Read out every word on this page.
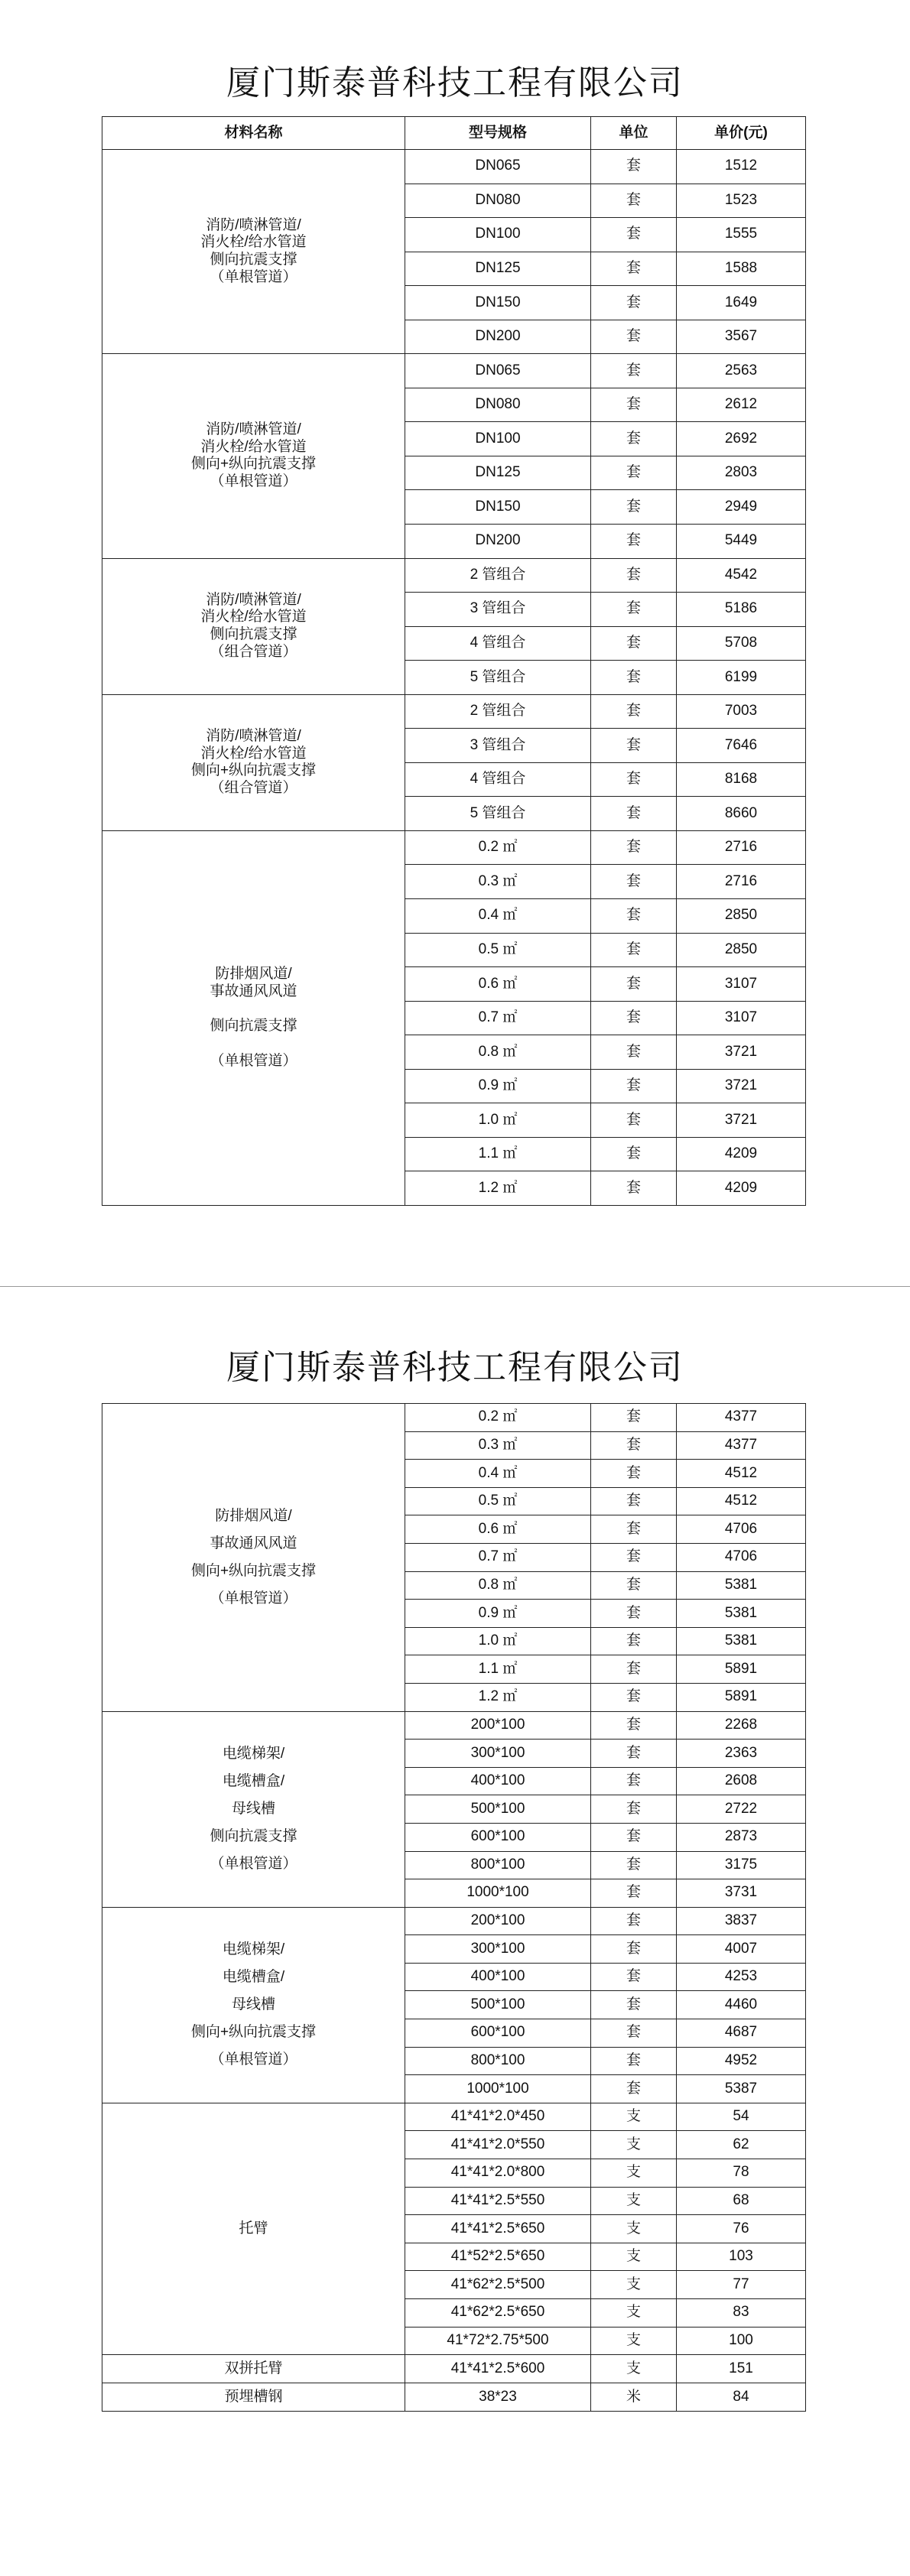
厦门斯泰普科技工程有限公司
材料名称	型号规格	单位	单价(元)
消防/喷淋管道/
消火栓/给水管道
侧向抗震支撑
（单根管道）	DN065	套	1512
	DN080	套	1523
	DN100	套	1555
	DN125	套	1588
	DN150	套	1649
	DN200	套	3567
消防/喷淋管道/
消火栓/给水管道
侧向+纵向抗震支撑
（单根管道）	DN065	套	2563
	DN080	套	2612
	DN100	套	2692
	DN125	套	2803
	DN150	套	2949
	DN200	套	5449
消防/喷淋管道/
消火栓/给水管道
侧向抗震支撑
（组合管道）	2 管组合	套	4542
	3 管组合	套	5186
	4 管组合	套	5708
	5 管组合	套	6199
消防/喷淋管道/
消火栓/给水管道
侧向+纵向抗震支撑
（组合管道）	2 管组合	套	7003
	3 管组合	套	7646
	4 管组合	套	8168
	5 管组合	套	8660
防排烟风道/
事故通风风道

侧向抗震支撑

（单根管道）	0.2 ㎡	套	2716
	0.3 ㎡	套	2716
	0.4 ㎡	套	2850
	0.5 ㎡	套	2850
	0.6 ㎡	套	3107
	0.7 ㎡	套	3107
	0.8 ㎡	套	3721
	0.9 ㎡	套	3721
	1.0 ㎡	套	3721
	1.1 ㎡	套	4209
	1.2 ㎡	套	4209
厦门斯泰普科技工程有限公司
防排烟风道/
事故通风风道
侧向+纵向抗震支撑
（单根管道）	0.2 ㎡	套	4377
	0.3 ㎡	套	4377
	0.4 ㎡	套	4512
	0.5 ㎡	套	4512
	0.6 ㎡	套	4706
	0.7 ㎡	套	4706
	0.8 ㎡	套	5381
	0.9 ㎡	套	5381
	1.0 ㎡	套	5381
	1.1 ㎡	套	5891
	1.2 ㎡	套	5891
电缆梯架/
电缆槽盒/
母线槽
侧向抗震支撑
（单根管道）	200*100	套	2268
	300*100	套	2363
	400*100	套	2608
	500*100	套	2722
	600*100	套	2873
	800*100	套	3175
	1000*100	套	3731
电缆梯架/
电缆槽盒/
母线槽
侧向+纵向抗震支撑
（单根管道）	200*100	套	3837
	300*100	套	4007
	400*100	套	4253
	500*100	套	4460
	600*100	套	4687
	800*100	套	4952
	1000*100	套	5387
托臂	41*41*2.0*450	支	54
	41*41*2.0*550	支	62
	41*41*2.0*800	支	78
	41*41*2.5*550	支	68
	41*41*2.5*650	支	76
	41*52*2.5*650	支	103
	41*62*2.5*500	支	77
	41*62*2.5*650	支	83
	41*72*2.75*500	支	100
双拼托臂	41*41*2.5*600	支	151
预埋槽钢	38*23	米	84
